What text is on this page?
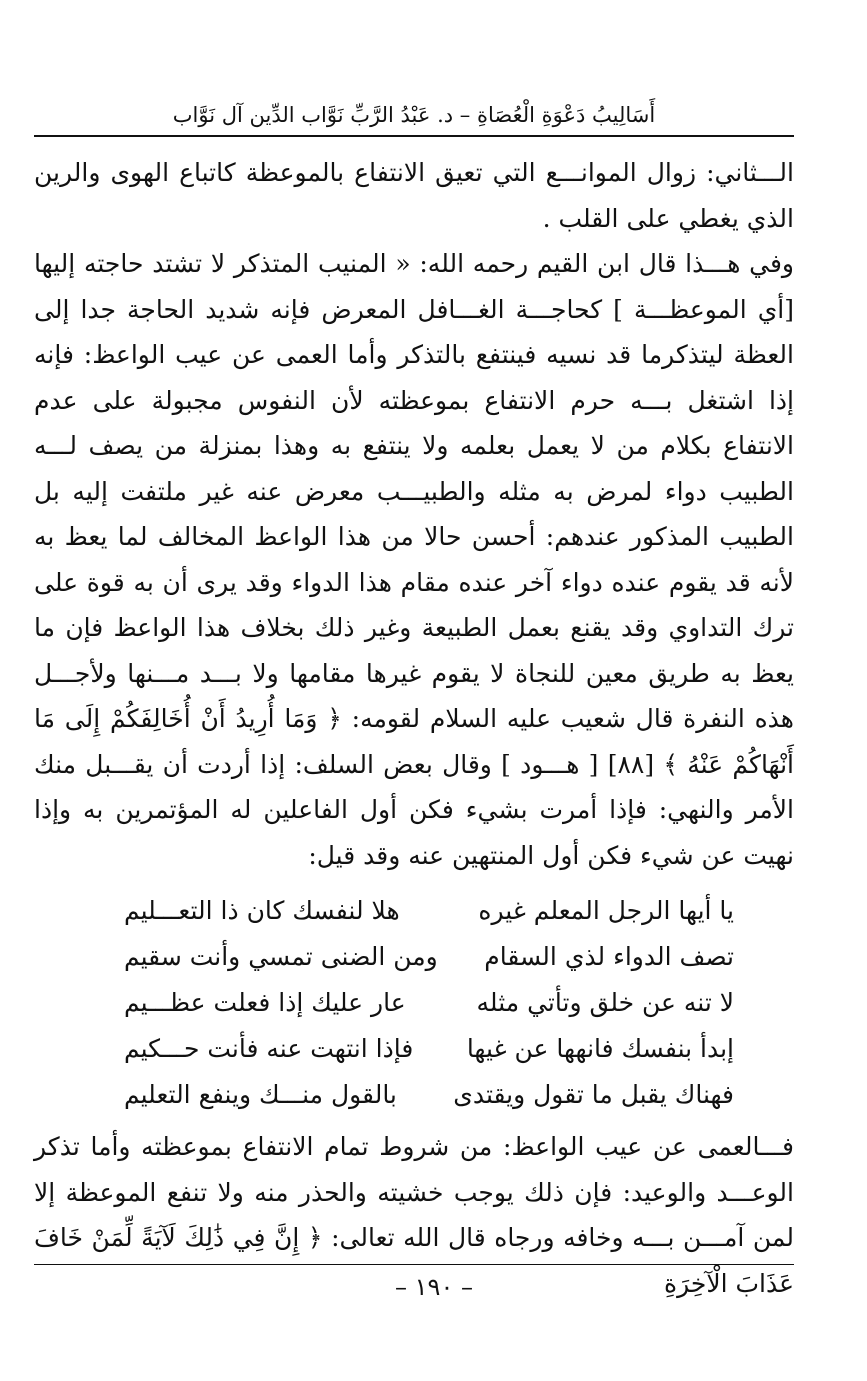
أَسَالِيبُ دَعْوَةِ الْعُصَاةِ – د. عَبْدُ الرَّبِّ نَوَّاب الدِّين آل نَوَّاب

الـــثاني: زوال الموانـــع التي تعيق الانتفاع بالموعظة كاتباع الهوى والرين الذي يغطي على القلب .

وفي هـــذا قال ابن القيم رحمه الله: « المنيب المتذكر لا تشتد حاجته إليها [أي الموعظـــة ] كحاجـــة الغـــافل المعرض فإنه شديد الحاجة جدا إلى العظة ليتذكرما قد نسيه فينتفع بالتذكر وأما العمى عن عيب الواعظ: فإنه إذا اشتغل بـــه حرم الانتفاع بموعظته لأن النفوس مجبولة على عدم الانتفاع بكلام من لا يعمل بعلمه ولا ينتفع به وهذا بمنزلة من يصف لـــه الطبيب دواء لمرض به مثله والطبيـــب معرض عنه غير ملتفت إليه بل الطبيب المذكور عندهم: أحسن حالا من هذا الواعظ المخالف لما يعظ به لأنه قد يقوم عنده دواء آخر عنده مقام هذا الدواء وقد يرى أن به قوة على ترك التداوي وقد يقنع بعمل الطبيعة وغير ذلك بخلاف هذا الواعظ فإن ما يعظ به طريق معين للنجاة لا يقوم غيرها مقامها ولا بـــد مـــنها ولأجـــل هذه النفرة قال شعيب عليه السلام لقومه: ﴿ وَمَا أُرِيدُ أَنْ أُخَالِفَكُمْ إِلَى مَا أَنْهَاكُمْ عَنْهُ ﴾ [٨٨] [ هـــود ] وقال بعض السلف: إذا أردت أن يقـــبل منك الأمر والنهي: فإذا أمرت بشيء فكن أول الفاعلين له المؤتمرين به وإذا نهيت عن شيء فكن أول المنتهين عنه وقد قيل:

يا أيها الرجل المعلم غيره
هلا لنفسك كان ذا التعـــليم
تصف الدواء لذي السقام
ومن الضنى تمسي وأنت سقيم
لا تنه عن خلق وتأتي مثله
عار عليك إذا فعلت عظـــيم
إبدأ بنفسك فانهها عن غيها
فإذا انتهت عنه فأنت حـــكيم
فهناك يقبل ما تقول ويقتدى
بالقول منـــك وينفع التعليم

فـــالعمى عن عيب الواعظ: من شروط تمام الانتفاع بموعظته وأما تذكر الوعـــد والوعيد: فإن ذلك يوجب خشيته والحذر منه ولا تنفع الموعظة إلا لمن آمـــن بـــه وخافه ورجاه قال الله تعالى: ﴿ إِنَّ فِي ذَٰلِكَ لَآيَةً لِّمَنْ خَافَ عَذَابَ الْآخِرَةِ

– ١٩٠ –
